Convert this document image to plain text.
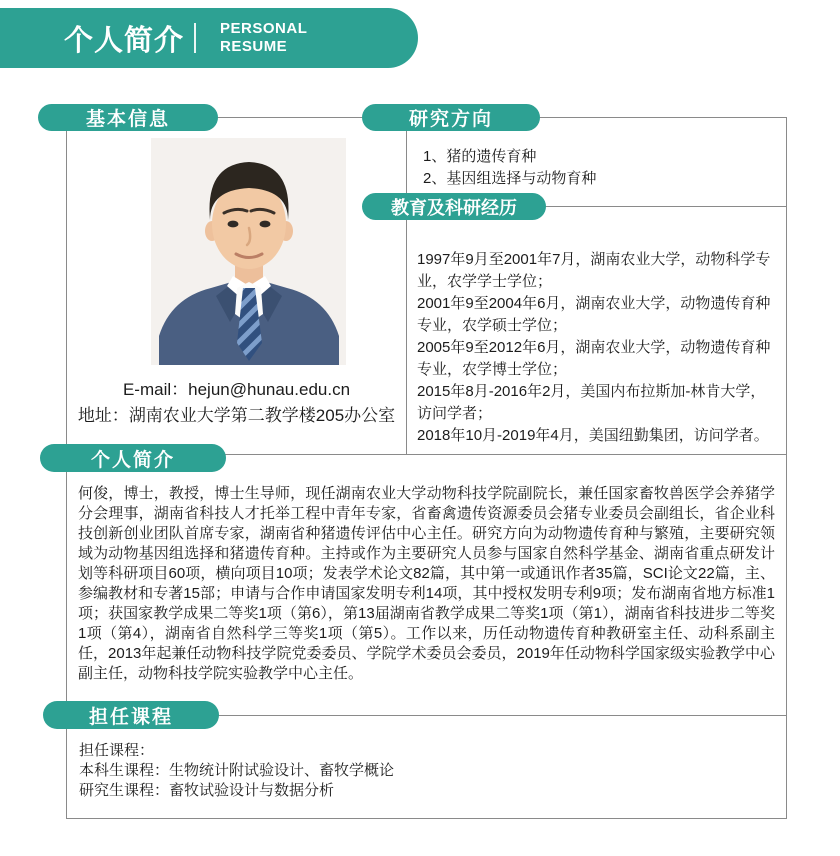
个人简介 PERSONAL
RESUME
E-mail：hejun@hunau.edu.cn
地址：湖南农业大学第二教学楼205办公室

1、猪的遗传育种

2、基因组选择与动物育种

1997年9月至2001年7月，湖南农业大学，动物科学专业，农学学士学位；

2001年9至2004年6月，湖南农业大学，动物遗传育种专业，农学硕士学位；

2005年9至2012年6月，湖南农业大学，动物遗传育种专业，农学博士学位；

2015年8月-2016年2月，美国内布拉斯加-林肯大学，访问学者；

2018年10月-2019年4月，美国纽勤集团，访问学者。

何俊，博士，教授，博士生导师，现任湖南农业大学动物科技学院副院长，兼任国家畜牧兽医学会养猪学分会理事，湖南省科技人才托举工程中青年专家，省畜禽遗传资源委员会猪专业委员会副组长，省企业科技创新创业团队首席专家，湖南省种猪遗传评估中心主任。研究方向为动物遗传育种与繁殖，主要研究领域为动物基因组选择和猪遗传育种。主持或作为主要研究人员参与国家自然科学基金、湖南省重点研发计划等科研项目60项，横向项目10项；发表学术论文82篇，其中第一或通讯作者35篇，SCI论文22篇，主、参编教材和专著15部；申请与合作申请国家发明专利14项，其中授权发明专利9项；发布湖南省地方标准1项；获国家教学成果二等奖1项（第6），第13届湖南省教学成果二等奖1项（第1），湖南省科技进步二等奖1项（第4），湖南省自然科学三等奖1项（第5）。工作以来，历任动物遗传育种教研室主任、动科系副主任，2013年起兼任动物科技学院党委委员、学院学术委员会委员，2019年任动物科学国家级实验教学中心副主任，动物科技学院实验教学中心主任。

担任课程：

本科生课程：生物统计附试验设计、畜牧学概论

研究生课程：畜牧试验设计与数据分析

基本信息	研究方向
教育及科研经历
个人简介
担任课程
